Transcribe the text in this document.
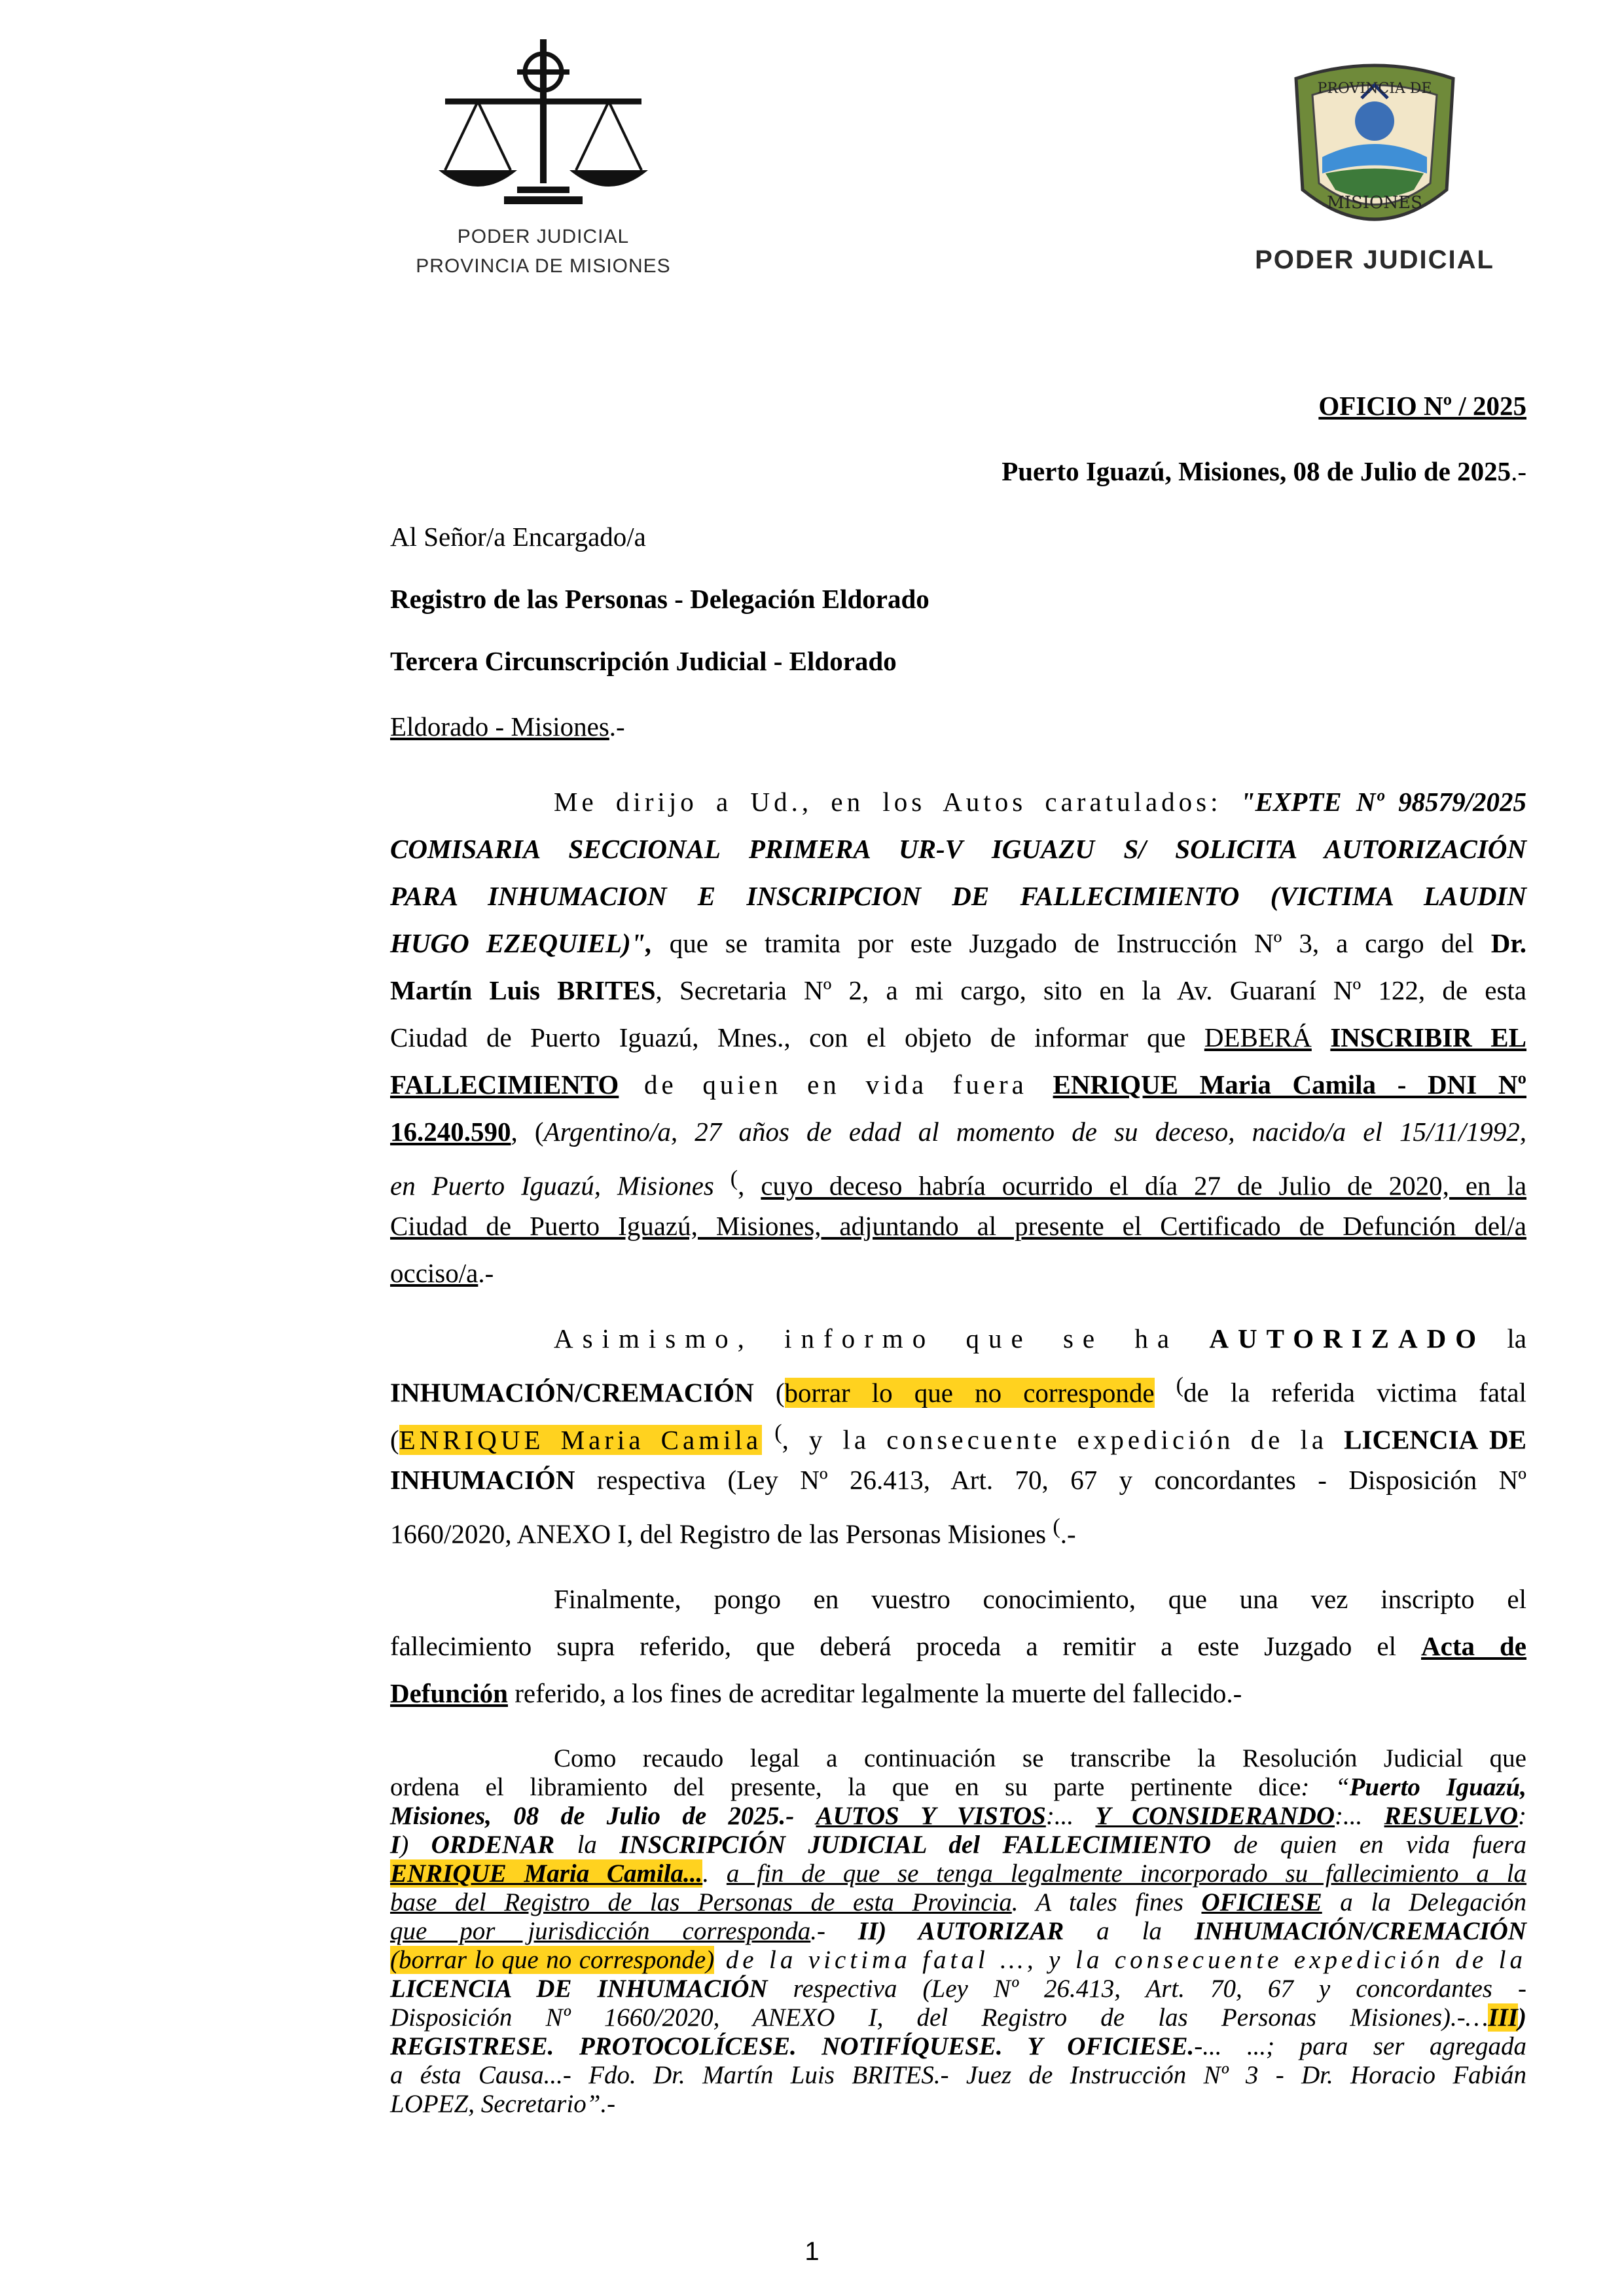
PODER JUDICIAL
PROVINCIA DE MISIONES
PROVINCIA DE
MISIONES
PODER JUDICIAL
OFICIO Nº / 2025
Puerto Iguazú, Misiones, 08 de Julio de 2025.-
Al Señor/a Encargado/a
Registro de las Personas - Delegación Eldorado
Tercera Circunscripción Judicial - Eldorado
Eldorado - Misiones.-
Me dirijo a Ud., en los Autos caratulados: "EXPTE Nº 98579/2025
COMISARIA SECCIONAL PRIMERA UR-V IGUAZU S/ SOLICITA AUTORIZACIÓN
PARA INHUMACION E INSCRIPCION DE FALLECIMIENTO (VICTIMA LAUDIN
HUGO EZEQUIEL)", que se tramita por este Juzgado de Instrucción Nº 3, a cargo del Dr.
Martín Luis BRITES, Secretaria Nº 2, a mi cargo, sito en la Av. Guaraní Nº 122, de esta
Ciudad de Puerto Iguazú, Mnes., con el objeto de informar que DEBERÁ INSCRIBIR EL
FALLECIMIENTO de quien en vida fuera ENRIQUE Maria Camila - DNI Nº
16.240.590, (Argentino/a, 27 años de edad al momento de su deceso, nacido/a el 15/11/1992,
en Puerto Iguazú, Misiones (, cuyo deceso habría ocurrido el día 27 de Julio de 2020, en la
Ciudad de Puerto Iguazú, Misiones, adjuntando al presente el Certificado de Defunción del/a
occiso/a.-
Asimismo, informo que se ha AUTORIZADO la
INHUMACIÓN/CREMACIÓN (borrar lo que no corresponde (de la referida victima fatal
(ENRIQUE Maria Camila (, y la consecuente expedición de la LICENCIA DE
INHUMACIÓN respectiva (Ley Nº 26.413, Art. 70, 67 y concordantes - Disposición Nº
1660/2020, ANEXO I, del Registro de las Personas Misiones (.-
Finalmente, pongo en vuestro conocimiento, que una vez inscripto el
fallecimiento supra referido, que deberá proceda a remitir a este Juzgado el Acta de
Defunción referido, a los fines de acreditar legalmente la muerte del fallecido.-
Como recaudo legal a continuación se transcribe la Resolución Judicial que
ordena el libramiento del presente, la que en su parte pertinente dice: “Puerto Iguazú,
Misiones, 08 de Julio de 2025.- AUTOS Y VISTOS:... Y CONSIDERANDO:... RESUELVO:
I) ORDENAR la INSCRIPCIÓN JUDICIAL del FALLECIMIENTO de quien en vida fuera
ENRIQUE Maria Camila.... a fin de que se tenga legalmente incorporado su fallecimiento a la
base del Registro de las Personas de esta Provincia. A tales fines OFICIESE a la Delegación
que por jurisdicción corresponda.- II) AUTORIZAR a la INHUMACIÓN/CREMACIÓN
(borrar lo que no corresponde) de la victima fatal …, y la consecuente expedición de la
LICENCIA DE INHUMACIÓN respectiva (Ley Nº 26.413, Art. 70, 67 y concordantes -
Disposición Nº 1660/2020, ANEXO I, del Registro de las Personas Misiones).-…III)
REGISTRESE. PROTOCOLÍCESE. NOTIFÍQUESE. Y OFICIESE.-... ...; para ser agregada
a ésta Causa...- Fdo. Dr. Martín Luis BRITES.- Juez de Instrucción Nº 3 - Dr. Horacio Fabián
LOPEZ, Secretario”.-
1
